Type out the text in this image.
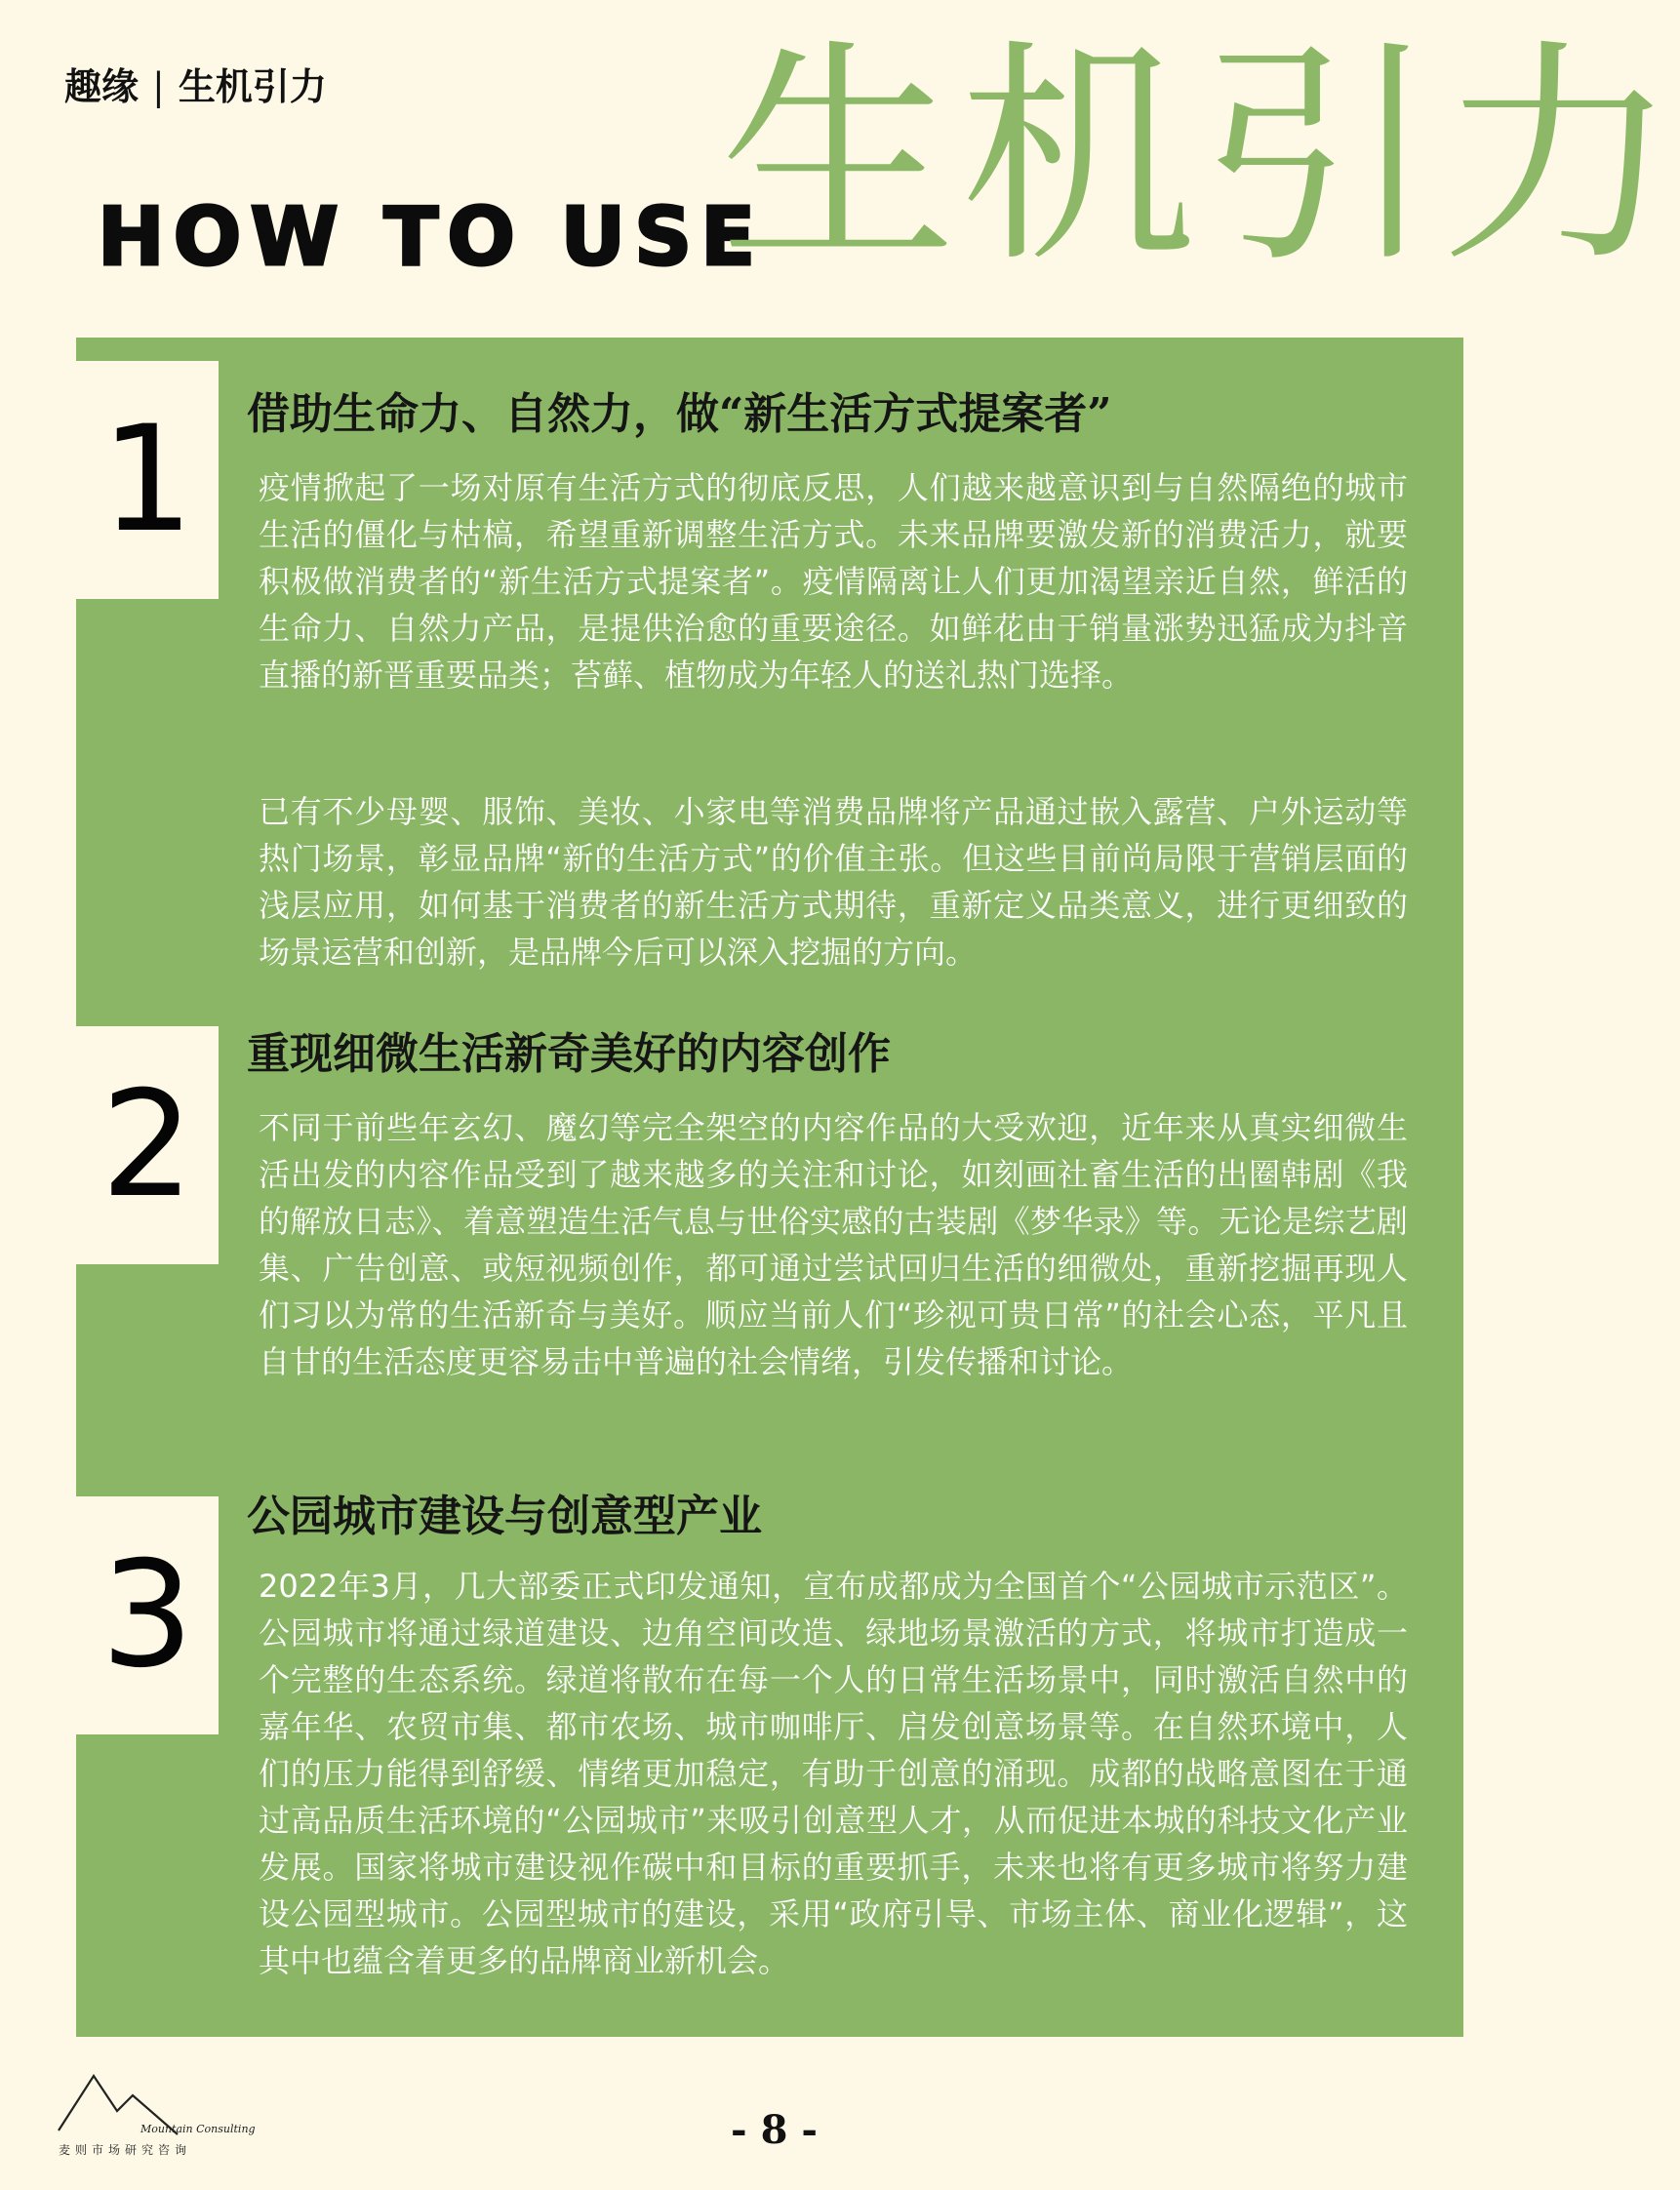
趣缘 | 生机引力
HOW TO USE
生机引力
1	借助生命力、自然力，做“新生活方式提案者”
疫情掀起了一场对原有生活方式的彻底反思，人们越来越意识到与自然隔绝的城市生活的僵化与枯槁，希望重新调整生活方式。未来品牌要激发新的消费活力，就要积极做消费者的“新生活方式提案者”。疫情隔离让人们更加渴望亲近自然，鲜活的生命力、自然力产品，是提供治愈的重要途径。如鲜花由于销量涨势迅猛成为抖音直播的新晋重要品类；苔藓、植物成为年轻人的送礼热门选择。
已有不少母婴、服饰、美妆、小家电等消费品牌将产品通过嵌入露营、户外运动等热门场景，彰显品牌“新的生活方式”的价值主张。但这些目前尚局限于营销层面的浅层应用，如何基于消费者的新生活方式期待，重新定义品类意义，进行更细致的场景运营和创新，是品牌今后可以深入挖掘的方向。
2
重现细微生活新奇美好的内容创作
不同于前些年玄幻、魔幻等完全架空的内容作品的大受欢迎，近年来从真实细微生活出发的内容作品受到了越来越多的关注和讨论，如刻画社畜生活的出圈韩剧《我的解放日志》、着意塑造生活气息与世俗实感的古装剧《梦华录》等。无论是综艺剧集、广告创意、或短视频创作，都可通过尝试回归生活的细微处，重新挖掘再现人们习以为常的生活新奇与美好。顺应当前人们“珍视可贵日常”的社会心态，平凡且自甘的生活态度更容易击中普遍的社会情绪，引发传播和讨论。
3
公园城市建设与创意型产业
2022年3月，几大部委正式印发通知，宣布成都成为全国首个“公园城市示范区”。公园城市将通过绿道建设、边角空间改造、绿地场景激活的方式，将城市打造成一个完整的生态系统。绿道将散布在每一个人的日常生活场景中，同时激活自然中的嘉年华、农贸市集、都市农场、城市咖啡厅、启发创意场景等。在自然环境中，人们的压力能得到舒缓、情绪更加稳定，有助于创意的涌现。成都的战略意图在于通过高品质生活环境的“公园城市”来吸引创意型人才，从而促进本城的科技文化产业发展。国家将城市建设视作碳中和目标的重要抓手，未来也将有更多城市将努力建设公园型城市。公园型城市的建设，采用“政府引导、市场主体、商业化逻辑”，这其中也蕴含着更多的品牌商业新机会。
Mountain Consulting
麦则市场研究咨询	- 8 -
